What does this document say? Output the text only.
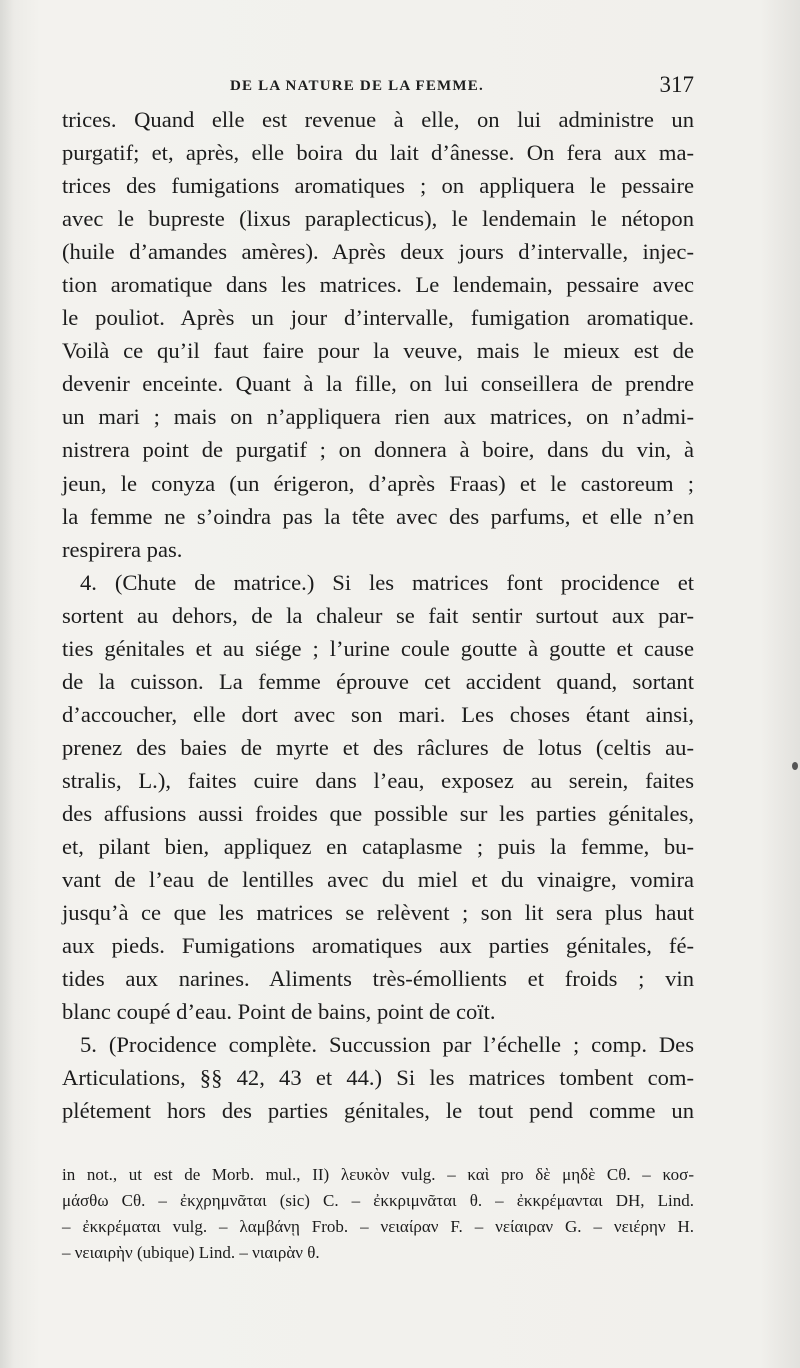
DE LA NATURE DE LA FEMME.	317
trices. Quand elle est revenue à elle, on lui administre un
purgatif; et, après, elle boira du lait d’ânesse. On fera aux ma-
trices des fumigations aromatiques ; on appliquera le pessaire
avec le bupreste (lixus paraplecticus), le lendemain le nétopon
(huile d’amandes amères). Après deux jours d’intervalle, injec-
tion aromatique dans les matrices. Le lendemain, pessaire avec
le pouliot. Après un jour d’intervalle, fumigation aromatique.
Voilà ce qu’il faut faire pour la veuve, mais le mieux est de
devenir enceinte. Quant à la fille, on lui conseillera de prendre
un mari ; mais on n’appliquera rien aux matrices, on n’admi-
nistrera point de purgatif ; on donnera à boire, dans du vin, à
jeun, le conyza (un érigeron, d’après Fraas) et le castoreum ;
la femme ne s’oindra pas la tête avec des parfums, et elle n’en
respirera pas.
4. (Chute de matrice.) Si les matrices font procidence et
sortent au dehors, de la chaleur se fait sentir surtout aux par-
ties génitales et au siége ; l’urine coule goutte à goutte et cause
de la cuisson. La femme éprouve cet accident quand, sortant
d’accoucher, elle dort avec son mari. Les choses étant ainsi,
prenez des baies de myrte et des râclures de lotus (celtis au-
stralis, L.), faites cuire dans l’eau, exposez au serein, faites
des affusions aussi froides que possible sur les parties génitales,
et, pilant bien, appliquez en cataplasme ; puis la femme, bu-
vant de l’eau de lentilles avec du miel et du vinaigre, vomira
jusqu’à ce que les matrices se relèvent ; son lit sera plus haut
aux pieds. Fumigations aromatiques aux parties génitales, fé-
tides aux narines. Aliments très-émollients et froids ; vin
blanc coupé d’eau. Point de bains, point de coït.
5. (Procidence complète. Succussion par l’échelle ; comp. Des
Articulations, §§ 42, 43 et 44.) Si les matrices tombent com-
plétement hors des parties génitales, le tout pend comme un
in not., ut est de Morb. mul., II) λευκὸν vulg. – καὶ pro δὲ μηδὲ Cθ. – κοσ-
μάσθω Cθ. – ἐκχρημνᾶται (sic) C. – ἐκκριμνᾶται θ. – ἐκκρέμανται DH, Lind.
– ἐκκρέμαται vulg. – λαμβάνῃ Frob. – νειαίραν F. – νείαιραν G. – νειέρην H.
– νειαιρὴν (ubique) Lind. – νιαιρὰν θ.
